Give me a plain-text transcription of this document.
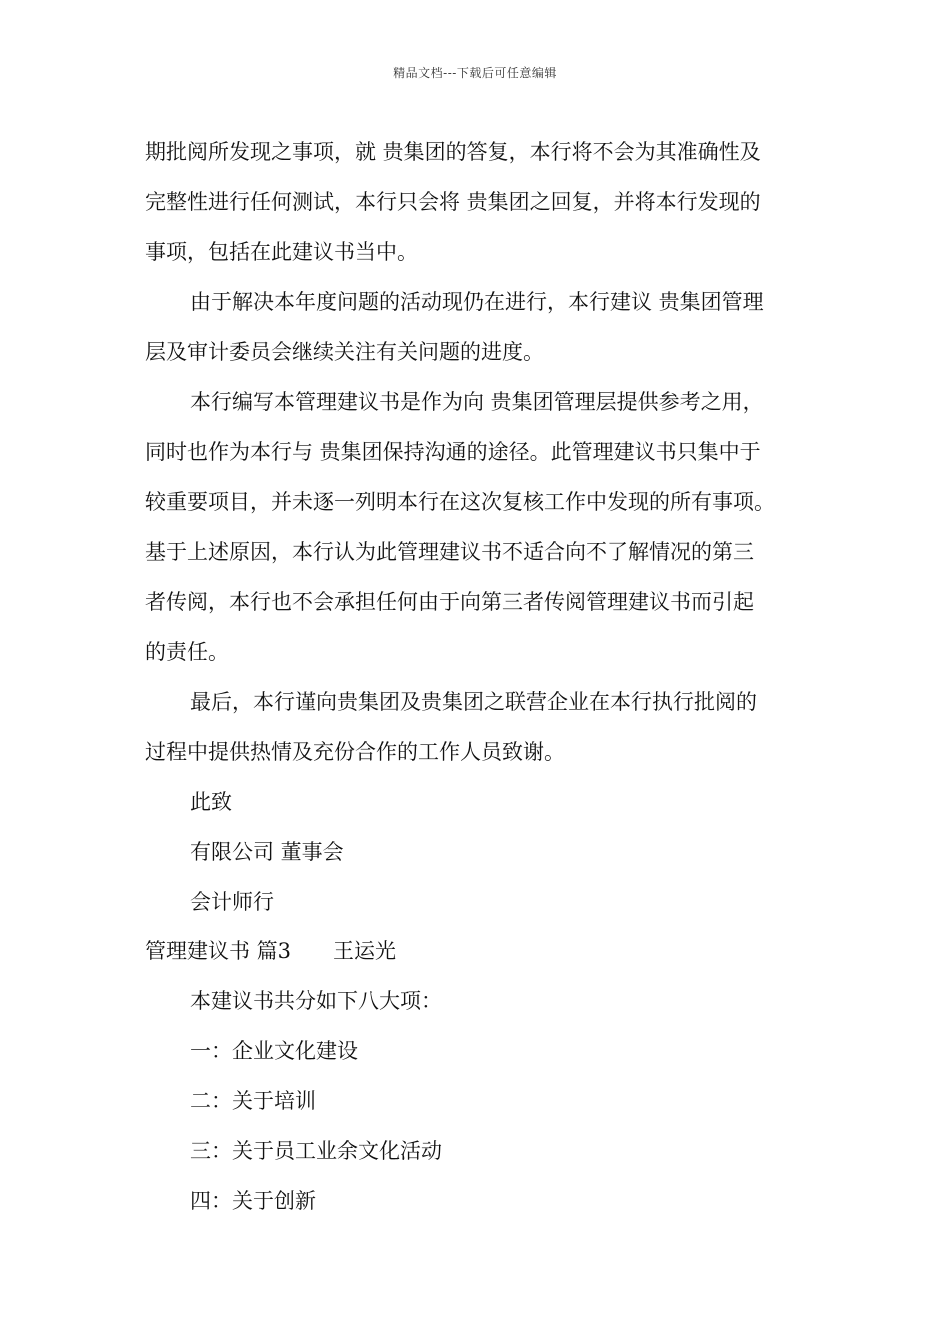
精品文档---下载后可任意编辑
期批阅所发现之事项，就 贵集团的答复，本行将不会为其准确性及
完整性进行任何测试，本行只会将 贵集团之回复，并将本行发现的
事项，包括在此建议书当中。
由于解决本年度问题的活动现仍在进行，本行建议 贵集团管理
层及审计委员会继续关注有关问题的进度。
本行编写本管理建议书是作为向 贵集团管理层提供参考之用，
同时也作为本行与 贵集团保持沟通的途径。此管理建议书只集中于
较重要项目，并未逐一列明本行在这次复核工作中发现的所有事项。
基于上述原因，本行认为此管理建议书不适合向不了解情况的第三
者传阅，本行也不会承担任何由于向第三者传阅管理建议书而引起
的责任。
最后，本行谨向贵集团及贵集团之联营企业在本行执行批阅的
过程中提供热情及充份合作的工作人员致谢。
此致
有限公司 董事会
会计师行
管理建议书 篇3　　王运光
本建议书共分如下八大项：
一：企业文化建设
二：关于培训
三：关于员工业余文化活动
四：关于创新
